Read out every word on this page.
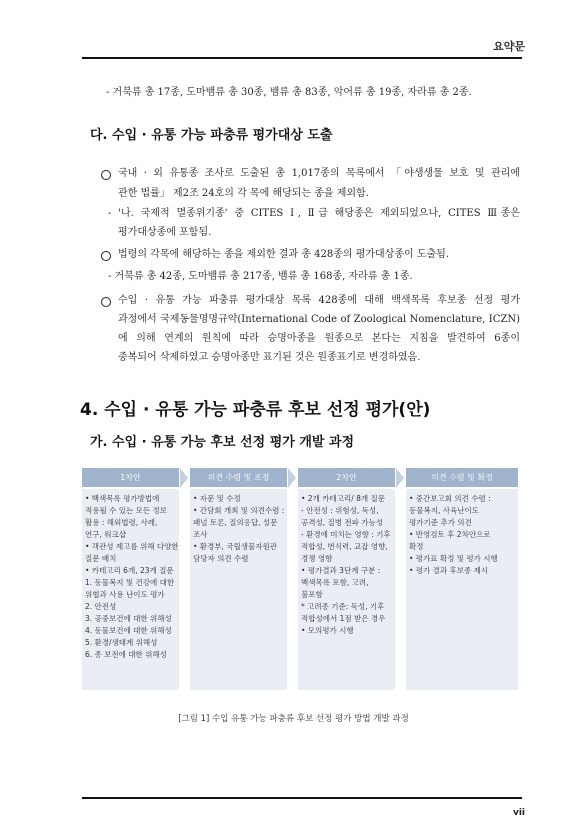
요약문
- 거북류 총 17종, 도마뱀류 총 30종, 뱀류 총 83종, 악어류 총 19종, 자라류 총 2종.
다. 수입 · 유통 가능 파충류 평가대상 도출
국내 · 외 유통종 조사로 도출된 총 1,017종의 목록에서 「야생생물 보호 및 관리에
관한 법률」 제2조 24호의 각 목에 해당되는 종을 제외함.
- '나. 국제적 멸종위기종' 중 CITES Ⅰ, Ⅱ급 해당종은 제외되었으나, CITES Ⅲ종은
평가대상종에 포함됨.
법령의 각목에 해당하는 종을 제외한 결과 총 428종의 평가대상종이 도출됨.
- 거북류 총 42종, 도마뱀류 총 217종, 뱀류 총 168종, 자라류 총 1종.
수입 · 유통 가능 파충류 평가대상 목록 428종에 대해 백색목록 후보종 선정 평가
과정에서 국제동물명명규약(International Code of Zoological Nomenclature, ICZN)
에 의해 연계의 원칙에 따라 승명아종을 원종으로 본다는 지침을 발견하여 6종이
중복되어 삭제하였고 승명아종만 표기된 것은 원종표기로 변경하였음.
4. 수입 · 유통 가능 파충류 후보 선정 평가(안)
가. 수입 · 유통 가능 후보 선정 평가 개발 과정
1차안
• 백색목록 평가방법에
적용될 수 있는 모든 정보
활용 : 해외법령, 사례,
연구, 워크샵
• 객관성 제고를 위해 다양한
질문 배치
• 카테고리 6개, 23개 질문
1. 동물복지 및 건강에 대한
위협과 사용 난이도 평가
2. 안전성
3. 공중보건에 대한 위해성
4. 동물보건에 대한 위해성
5. 환경/생태계 위해성
6. 종 보전에 대한 위해성
의견 수렴 및 조정
• 자문 및 수정
• 간담회 개최 및 의견수렴 :
패널 토론, 질의응답, 설문
조사
• 환경부, 국립생물자원관
담당자 의견 수렴
2차안
• 2개 카테고리/ 8개 질문
- 안전성 : 위험성, 독성,
공격성, 질병 전파 가능성
- 환경에 미치는 영향 : 기후
적합성, 번식력, 교잡 영향,
경쟁 영향
• 평가결과 3단계 구분 :
백색목록 포함, 고려,
불포함
* 고려종 기준: 독성, 기후
적합성에서 1점 받은 경우
• 모의평가 시행
의견 수렴 및 확정
• 중간보고회 의견 수렴 :
동물복지, 사육난이도
평가기준 추가 의견
• 반영검토 후 2차안으로
확정
• 평가표 확정 및 평가 시행
• 평가 결과 후보종 제시
[그림 1] 수입 유통 가능 파충류 후보 선정 평가 방법 개발 과정
vii
